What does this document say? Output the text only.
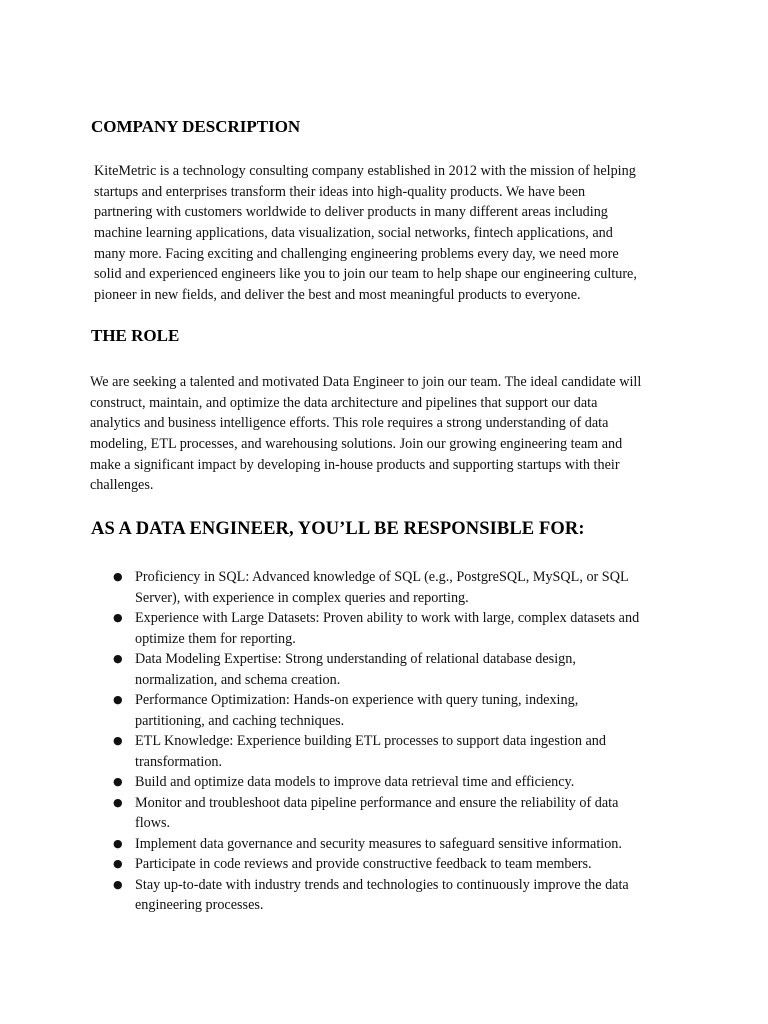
COMPANY DESCRIPTION

KiteMetric is a technology consulting company established in 2012 with the mission of helping
startups and enterprises transform their ideas into high-quality products. We have been
partnering with customers worldwide to deliver products in many different areas including
machine learning applications, data visualization, social networks, fintech applications, and
many more. Facing exciting and challenging engineering problems every day, we need more
solid and experienced engineers like you to join our team to help shape our engineering culture,
pioneer in new fields, and deliver the best and most meaningful products to everyone.

THE ROLE

We are seeking a talented and motivated Data Engineer to join our team. The ideal candidate will
construct, maintain, and optimize the data architecture and pipelines that support our data
analytics and business intelligence efforts. This role requires a strong understanding of data
modeling, ETL processes, and warehousing solutions. Join our growing engineering team and
make a significant impact by developing in-house products and supporting startups with their
challenges.

AS A DATA ENGINEER, YOU’LL BE RESPONSIBLE FOR:
● Proficiency in SQL: Advanced knowledge of SQL (e.g., PostgreSQL, MySQL, or SQL
Server), with experience in complex queries and reporting.
● Experience with Large Datasets: Proven ability to work with large, complex datasets and
optimize them for reporting.
● Data Modeling Expertise: Strong understanding of relational database design,
normalization, and schema creation.
● Performance Optimization: Hands-on experience with query tuning, indexing,
partitioning, and caching techniques.
● ETL Knowledge: Experience building ETL processes to support data ingestion and
transformation.
● Build and optimize data models to improve data retrieval time and efficiency.
● Monitor and troubleshoot data pipeline performance and ensure the reliability of data
flows.
● Implement data governance and security measures to safeguard sensitive information.
● Participate in code reviews and provide constructive feedback to team members.
● Stay up-to-date with industry trends and technologies to continuously improve the data
engineering processes.
